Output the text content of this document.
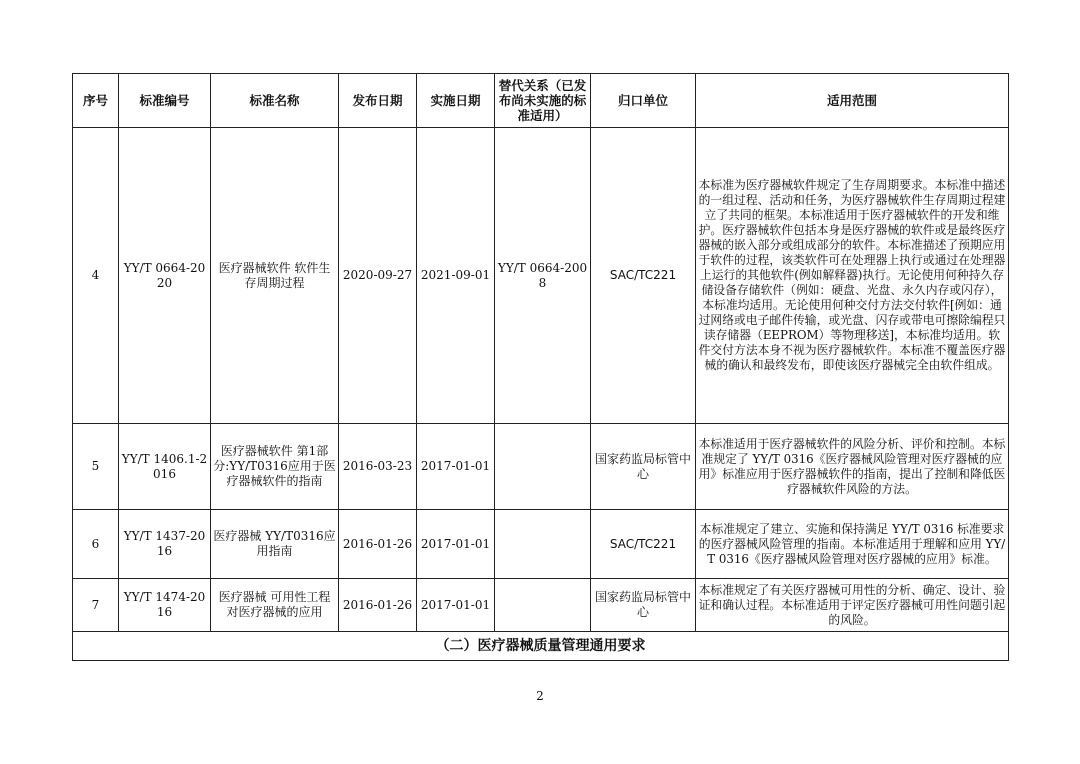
序号	标准编号	标准名称	发布日期	实施日期	替代关系（已发布尚未实施的标准适用）	归口单位	适用范围
4	YY/T 0664-2020	医疗器械软件 软件生存周期过程	2020-09-27	2021-09-01	YY/T 0664-2008	SAC/TC221	本标准为医疗器械软件规定了生存周期要求。本标准中描述的一组过程、活动和任务，为医疗器械软件生存周期过程建立了共同的框架。本标准适用于医疗器械软件的开发和维护。医疗器械软件包括本身是医疗器械的软件或是最终医疗器械的嵌入部分或组成部分的软件。本标准描述了预期应用于软件的过程，该类软件可在处理器上执行或通过在处理器上运行的其他软件(例如解释器)执行。无论使用何种持久存储设备存储软件（例如：硬盘、光盘、永久内存或闪存），本标准均适用。无论使用何种交付方法交付软件[例如：通过网络或电子邮件传输，或光盘、闪存或带电可擦除编程只读存储器（EEPROM）等物理移送]，本标准均适用。软件交付方法本身不视为医疗器械软件。本标准不覆盖医疗器械的确认和最终发布，即使该医疗器械完全由软件组成。
5	YY/T 1406.1-2016	医疗器械软件 第1部分:YY/T0316应用于医疗器械软件的指南	2016-03-23	2017-01-01		国家药监局标管中心	本标准适用于医疗器械软件的风险分析、评价和控制。本标准规定了 YY/T 0316《医疗器械风险管理对医疗器械的应用》标准应用于医疗器械软件的指南，提出了控制和降低医疗器械软件风险的方法。
6	YY/T 1437-2016	医疗器械 YY/T0316应用指南	2016-01-26	2017-01-01		SAC/TC221	本标准规定了建立、实施和保持满足 YY/T 0316 标准要求的医疗器械风险管理的指南。本标准适用于理解和应用 YY/T 0316《医疗器械风险管理对医疗器械的应用》标准。
7	YY/T 1474-2016	医疗器械 可用性工程对医疗器械的应用	2016-01-26	2017-01-01		国家药监局标管中心	本标准规定了有关医疗器械可用性的分析、确定、设计、验证和确认过程。本标准适用于评定医疗器械可用性问题引起的风险。
（二）医疗器械质量管理通用要求							
2
